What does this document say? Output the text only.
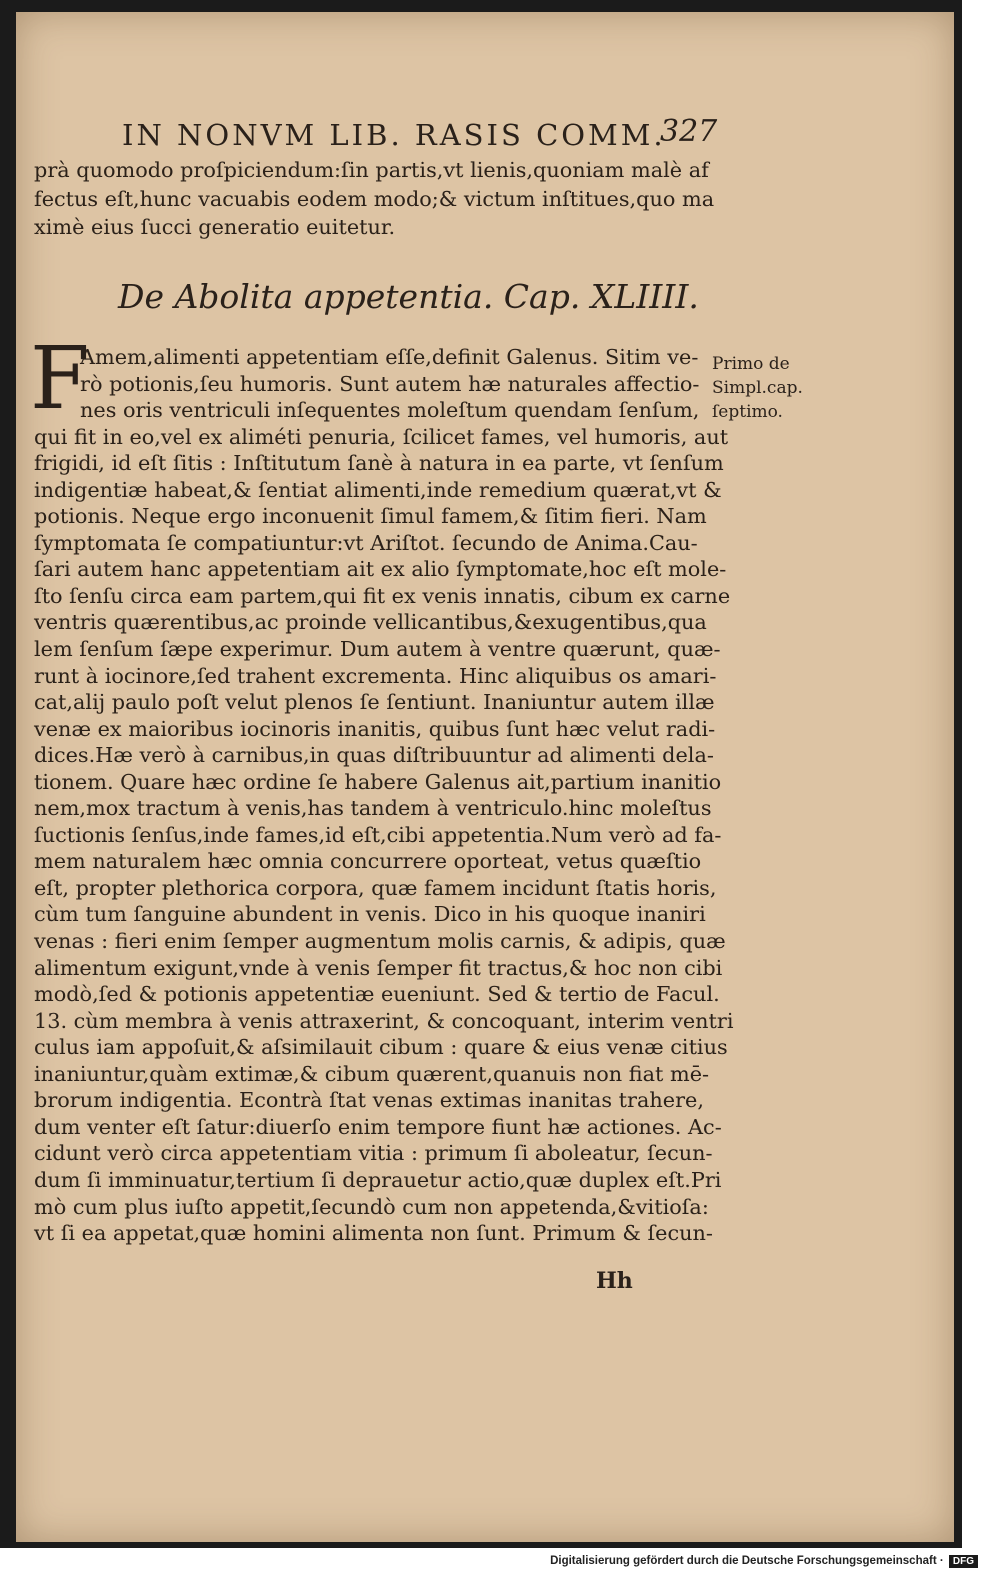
IN NONVM LIB. RASIS COMM.
327
prà quomodo proſpiciendum:ſin partis,vt lienis,quoniam malè af
fectus eſt,hunc vacuabis eodem modo;& victum inſtitues,quo ma
ximè eius ſucci generatio euitetur.
De Abolita appetentia. Cap. XLIIII.
F
Amem,alimenti appetentiam eſſe,definit Galenus. Sitim ve-
rò potionis,ſeu humoris. Sunt autem hæ naturales affectio-
nes oris ventriculi inſequentes moleſtum quendam ſenſum,
qui fit in eo,vel ex aliméti penuria, ſcilicet fames, vel humoris, aut
frigidi, id eſt ſitis : Inſtitutum ſanè à natura in ea parte, vt ſenſum
indigentiæ habeat,& ſentiat alimenti,inde remedium quærat,vt &
potionis. Neque ergo inconuenit ſimul famem,& ſitim fieri. Nam
ſymptomata ſe compatiuntur:vt Ariſtot. ſecundo de Anima.Cau-
ſari autem hanc appetentiam ait ex alio ſymptomate,hoc eſt mole-
ſto ſenſu circa eam partem,qui fit ex venis innatis, cibum ex carne
ventris quærentibus,ac proinde vellicantibus,&exugentibus,qua
lem ſenſum ſæpe experimur. Dum autem à ventre quærunt, quæ-
runt à iocinore,ſed trahent excrementa. Hinc aliquibus os amari-
cat,alij paulo poſt velut plenos ſe ſentiunt. Inaniuntur autem illæ
venæ ex maioribus iocinoris inanitis, quibus ſunt hæc velut radi-
dices.Hæ verò à carnibus,in quas diſtribuuntur ad alimenti dela-
tionem. Quare hæc ordine ſe habere Galenus ait,partium inanitio
nem,mox tractum à venis,has tandem à ventriculo.hinc moleſtus
ſuctionis ſenſus,inde fames,id eſt,cibi appetentia.Num verò ad fa-
mem naturalem hæc omnia concurrere oporteat, vetus quæſtio
eſt, propter plethorica corpora, quæ famem incidunt ſtatis horis,
cùm tum ſanguine abundent in venis. Dico in his quoque inaniri
venas : fieri enim ſemper augmentum molis carnis, & adipis, quæ
alimentum exigunt,vnde à venis ſemper fit tractus,& hoc non cibi
modò,ſed & potionis appetentiæ eueniunt. Sed & tertio de Facul.
13. cùm membra à venis attraxerint, & concoquant, interim ventri
culus iam appoſuit,& aſsimilauit cibum : quare & eius venæ citius
inaniuntur,quàm extimæ,& cibum quærent,quanuis non fiat mē-
brorum indigentia. Econtrà ſtat venas extimas inanitas trahere,
dum venter eſt ſatur:diuerſo enim tempore fiunt hæ actiones. Ac-
cidunt verò circa appetentiam vitia : primum ſi aboleatur, ſecun-
dum ſi imminuatur,tertium ſi deprauetur actio,quæ duplex eſt.Pri
mò cum plus iuſto appetit,ſecundò cum non appetenda,&vitioſa:
vt ſi ea appetat,quæ homini alimenta non ſunt. Primum & ſecun-
Primo de
Simpl.cap.
ſeptimo.
Hh
Digitalisierung gefördert durch die Deutsche Forschungsgemeinschaft · DFG
